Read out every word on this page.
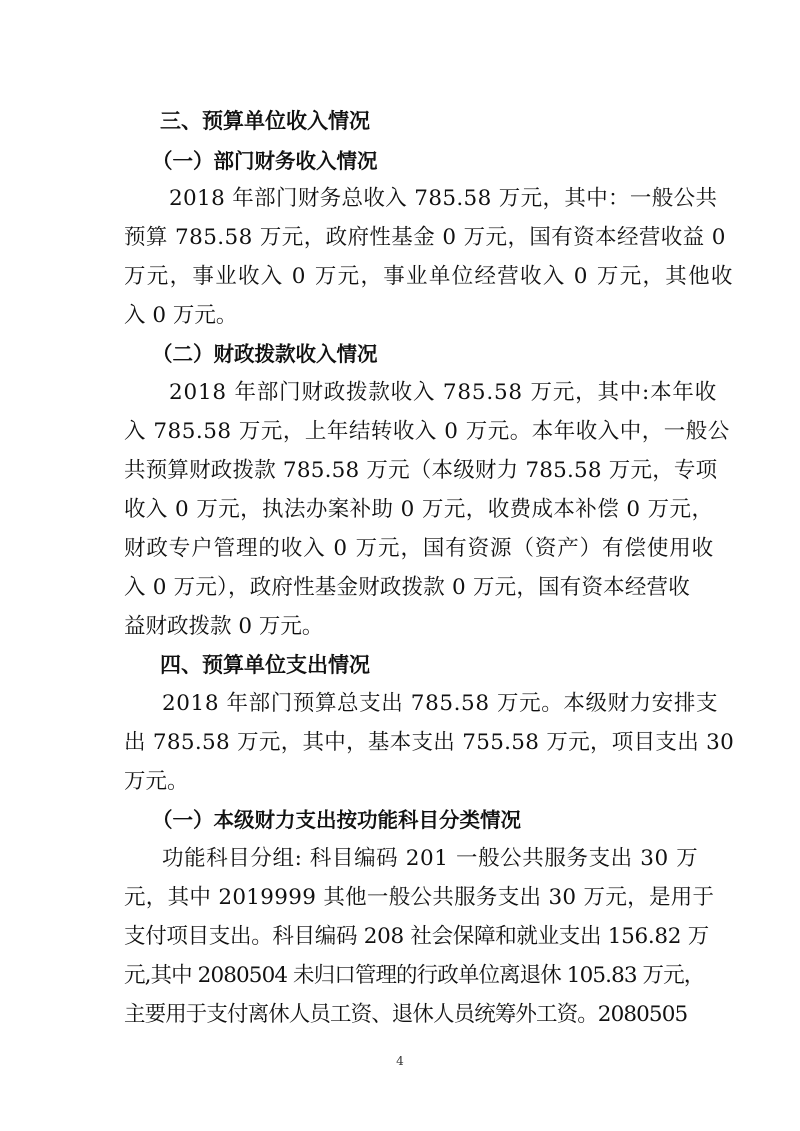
三、预算单位收入情况
（一）部门财务收入情况
2018 年部门财务总收入 785.58 万元，其中：一般公共
预算 785.58 万元，政府性基金 0 万元，国有资本经营收益 0
万元，事业收入 0 万元，事业单位经营收入 0 万元，其他收
入 0 万元。
（二）财政拨款收入情况
2018 年部门财政拨款收入 785.58 万元，其中:本年收
入 785.58 万元，上年结转收入 0 万元。本年收入中，一般公
共预算财政拨款 785.58 万元（本级财力 785.58 万元，专项
收入 0 万元，执法办案补助 0 万元，收费成本补偿 0 万元，
财政专户管理的收入 0 万元，国有资源（资产）有偿使用收
入 0 万元），政府性基金财政拨款 0 万元，国有资本经营收
益财政拨款 0 万元。
四、预算单位支出情况
2018 年部门预算总支出 785.58 万元。本级财力安排支
出 785.58 万元，其中，基本支出 755.58 万元，项目支出 30
万元。
（一）本级财力支出按功能科目分类情况
功能科目分组: 科目编码 201 一般公共服务支出 30 万
元，其中 2019999 其他一般公共服务支出 30 万元，是用于
支付项目支出。科目编码 208 社会保障和就业支出 156.82 万
元,其中 2080504 未归口管理的行政单位离退休 105.83 万元，
主要用于支付离休人员工资、退休人员统筹外工资。2080505
4
